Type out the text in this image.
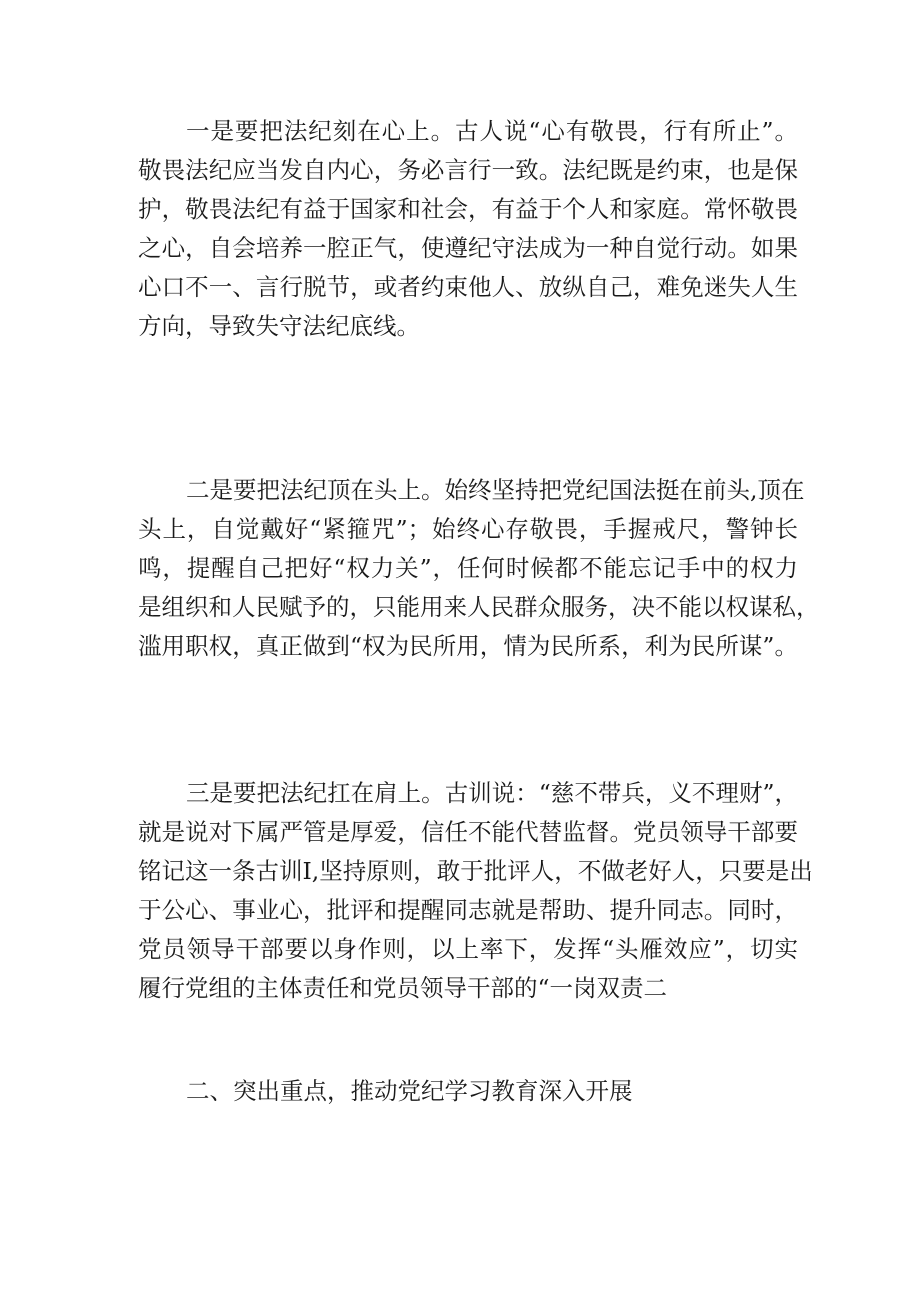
一是要把法纪刻在心上。古人说“心有敬畏，行有所止”。
敬畏法纪应当发自内心，务必言行一致。法纪既是约束，也是保
护，敬畏法纪有益于国家和社会，有益于个人和家庭。常怀敬畏
之心，自会培养一腔正气，使遵纪守法成为一种自觉行动。如果
心口不一、言行脱节，或者约束他人、放纵自己，难免迷失人生
方向，导致失守法纪底线。
二是要把法纪顶在头上。始终坚持把党纪国法挺在前头,顶在
头上，自觉戴好“紧箍咒”；始终心存敬畏，手握戒尺，警钟长
鸣，提醒自己把好“权力关”，任何时候都不能忘记手中的权力
是组织和人民赋予的，只能用来人民群众服务，决不能以权谋私，
滥用职权，真正做到“权为民所用，情为民所系，利为民所谋”。
三是要把法纪扛在肩上。古训说：“慈不带兵，义不理财”，
就是说对下属严管是厚爱，信任不能代替监督。党员领导干部要
铭记这一条古训I,坚持原则，敢于批评人，不做老好人，只要是出
于公心、事业心，批评和提醒同志就是帮助、提升同志。同时，
党员领导干部要以身作则，以上率下，发挥“头雁效应”，切实
履行党组的主体责任和党员领导干部的“一岗双责二
二、突出重点，推动党纪学习教育深入开展
